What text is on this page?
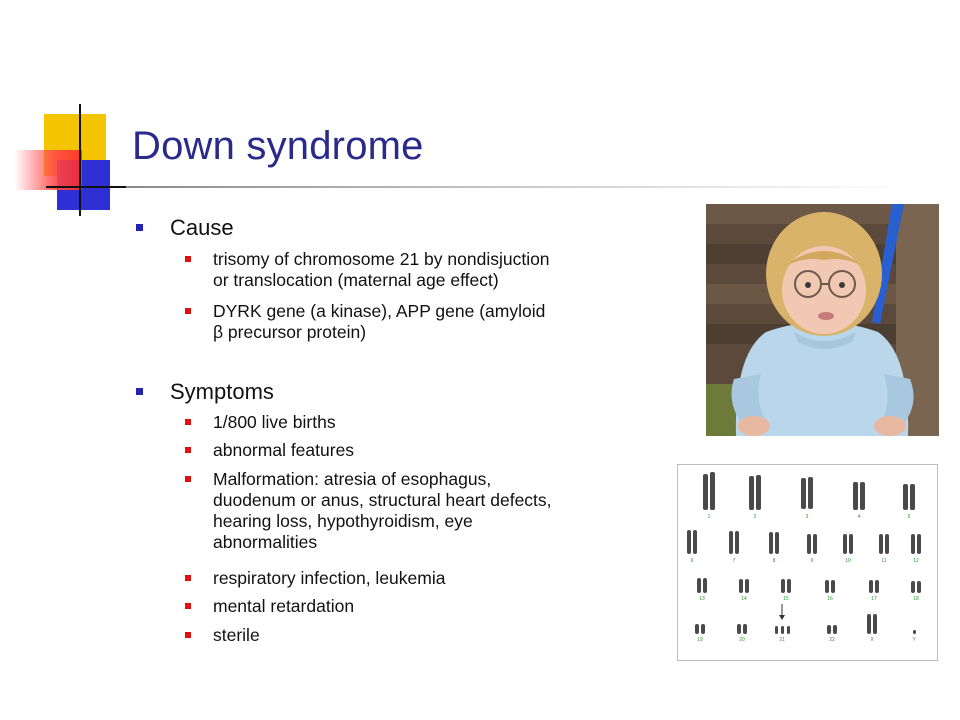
Down syndrome
Cause
trisomy of chromosome 21 by nondisjuction
or translocation (maternal age effect)
DYRK gene (a kinase), APP gene (amyloid
β precursor protein)
Symptoms
1/800 live births
abnormal features
Malformation: atresia of esophagus,
duodenum or anus, structural heart defects,
hearing loss, hypothyroidism, eye
abnormalities
respiratory infection, leukemia
mental retardation
sterile
1	2	3	4	5
6	7	8	9	10	11	12
13	14	15	16	17	18
19	20	21	22	X	Y
